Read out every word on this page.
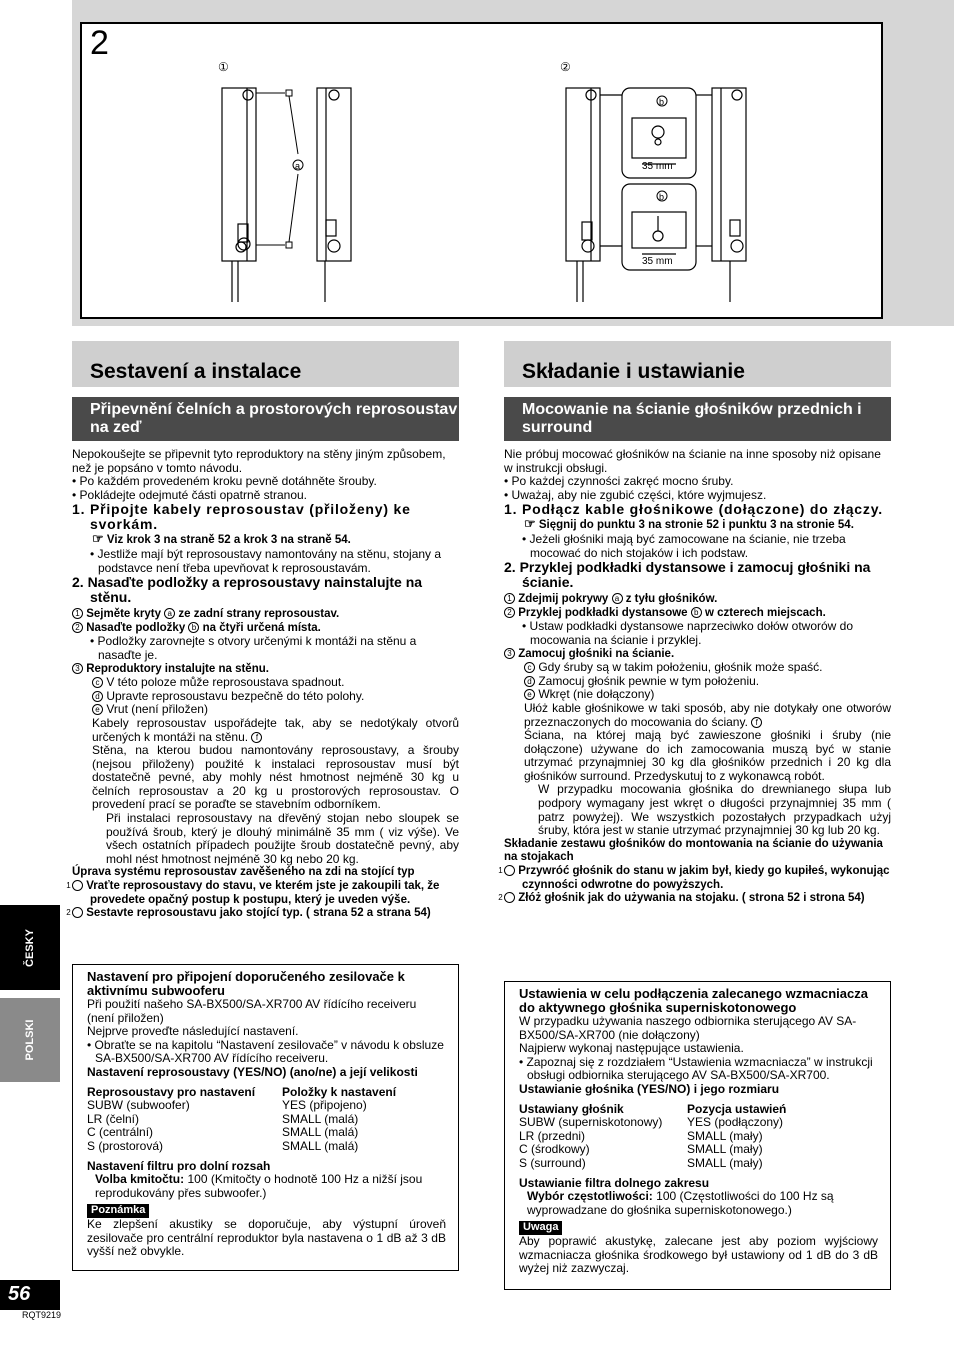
2
①	②
a
b
35 mm
b
35 mm
Sestavení a instalace
Připevnění čelních a prostorových reprosoustav na zeď

Nepokoušejte se připevnit tyto reproduktory na stěny jiným způsobem, než je popsáno v tomto návodu.

• Po každém provedeném kroku pevně dotáhněte šrouby.

• Pokládejte odejmuté části opatrně stranou.

1. Připojte kabely reprosoustav (přiloženy) ke svorkám.

☞ Viz krok 3 na straně 52 a krok 3 na straně 54.

• Jestliže mají být reprosoustavy namontovány na stěnu, stojany a podstavce není třeba upevňovat k reprosoustavám.

2. Nasaďte podložky a reprosoustavy nainstalujte na stěnu.

1 Sejměte kryty a ze zadní strany reprosoustav.

2 Nasaďte podložky b na čtyři určená místa.

• Podložky zarovnejte s otvory určenými k montáži na stěnu a nasaďte je.

3 Reproduktory instalujte na stěnu.

c V této poloze může reprosoustava spadnout.

d Upravte reprosoustavu bezpečně do této polohy.

e Vrut (není přiložen)

Kabely reprosoustav uspořádejte tak, aby se nedotýkaly otvorů určených k montáži na stěnu. f

Stěna, na kterou budou namontovány reprosoustavy, a šrouby (nejsou přiloženy) použité k instalaci reprosoustav musí být dostatečně pevné, aby mohly nést hmotnost nejméně 30 kg u čelních reprosoustav a 20 kg u prostorových reprosoustav. O provedení prací se poraďte se stavebním odborníkem.

Při instalaci reprosoustavy na dřevěný stojan nebo sloupek se používá šroub, který je dlouhý minimálně 35 mm ( viz výše). Ve všech ostatních případech použijte šroub dostatečně pevný, aby mohl nést hmotnost nejméně 30 kg nebo 20 kg.

Úprava systému reprosoustav zavěšeného na zdi na stojící typ

1 Vraťte reprosoustavy do stavu, ve kterém jste je zakoupili tak, že provedete opačný postup k postupu, který je uveden výše.

2 Sestavte reprosoustavu jako stojící typ. ( strana 52 a strana 54)

Nastavení pro připojení doporučeného zesilovače k aktivnímu subwooferu

Při použití našeho SA-BX500/SA-XR700 AV řídícího receiveru (není přiložen)

Nejprve proveďte následující nastavení.

• Obraťte se na kapitolu “Nastavení zesilovače” v návodu k obsluze SA-BX500/SA-XR700 AV řídícího receiveru.

Nastavení reprosoustavy (YES/NO) (ano/ne) a její velikosti

Reprosoustavy pro nastavení	Položky k nastavení
SUBW (subwoofer)	YES (připojeno)
LR (čelní)	SMALL (malá)
C (centrální)	SMALL (malá)
S (prostorová)	SMALL (malá)

Nastavení filtru pro dolní rozsah

Volba kmitočtu: 100 (Kmitočty o hodnotě 100 Hz a nižší jsou reprodukovány přes subwoofer.)

Poznámka

Ke zlepšení akustiky se doporučuje, aby výstupní úroveň zesilovače pro centrální reproduktor byla nastavena o 1 dB až 3 dB vyšší než obvykle.

Składanie i ustawianie
Mocowanie na ścianie głośników przednich i surround

Nie próbuj mocować głośników na ścianie na inne sposoby niż opisane w instrukcji obsługi.

• Po każdej czynności zakręć mocno śruby.

• Uważaj, aby nie zgubić części, które wyjmujesz.

1. Podłącz kable głośnikowe (dołączone) do złączy.

☞ Sięgnij do punktu 3 na stronie 52 i punktu 3 na stronie 54.

• Jeżeli głośniki mają być zamocowane na ścianie, nie trzeba mocować do nich stojaków i ich podstaw.

2. Przyklej podkładki dystansowe i zamocuj głośniki na ścianie.

1 Zdejmij pokrywy a z tyłu głośników.

2 Przyklej podkładki dystansowe b w czterech miejscach.

• Ustaw podkładki dystansowe naprzeciwko dołów otworów do mocowania na ścianie i przyklej.

3 Zamocuj głośniki na ścianie.

c Gdy śruby są w takim położeniu, głośnik może spaść.

d Zamocuj głośnik pewnie w tym położeniu.

e Wkręt (nie dołączony)

Ułóż kable głośnikowe w taki sposób, aby nie dotykały one otworów przeznaczonych do mocowania do ściany. f

Ściana, na której mają być zawieszone głośniki i śruby (nie dołączone) używane do ich zamocowania muszą być w stanie utrzymać przynajmniej 30 kg dla głośników przednich i 20 kg dla głośników surround. Przedyskutuj to z wykonawcą robót.

W przypadku mocowania głośnika do drewnianego słupa lub podpory wymagany jest wkręt o długości przynajmniej 35 mm ( patrz powyżej). We wszystkich pozostałych przypadkach użyj śruby, która jest w stanie utrzymać przynajmniej 30 kg lub 20 kg.

Składanie zestawu głośników do montowania na ścianie do używania na stojakach

1 Przywróć głośnik do stanu w jakim był, kiedy go kupiłeś, wykonując czynności odwrotne do powyższych.

2 Złóż głośnik jak do używania na stojaku. ( strona 52 i strona 54)

Ustawienia w celu podłączenia zalecanego wzmacniacza do aktywnego głośnika superniskotonowego

W przypadku używania naszego odbiornika sterującego AV SA-BX500/SA-XR700 (nie dołączony)

Najpierw wykonaj następujące ustawienia.

• Zapoznaj się z rozdziałem “Ustawienia wzmacniacza” w instrukcji obsługi odbiornika sterującego AV SA-BX500/SA-XR700.

Ustawianie głośnika (YES/NO) i jego rozmiaru

Ustawiany głośnik	Pozycja ustawień
SUBW (superniskotonowy)	YES (podłączony)
LR (przedni)	SMALL (mały)
C (środkowy)	SMALL (mały)
S (surround)	SMALL (mały)

Ustawianie filtra dolnego zakresu

Wybór częstotliwości: 100 (Częstotliwości do 100 Hz są wyprowadzane do głośnika superniskotonowego.)

Uwaga

Aby poprawić akustykę, zalecane jest aby poziom wyjściowy wzmacniacza głośnika środkowego był ustawiony od 1 dB do 3 dB wyżej niż zazwyczaj.

ČESKY
POLSKI
56
RQT9219
